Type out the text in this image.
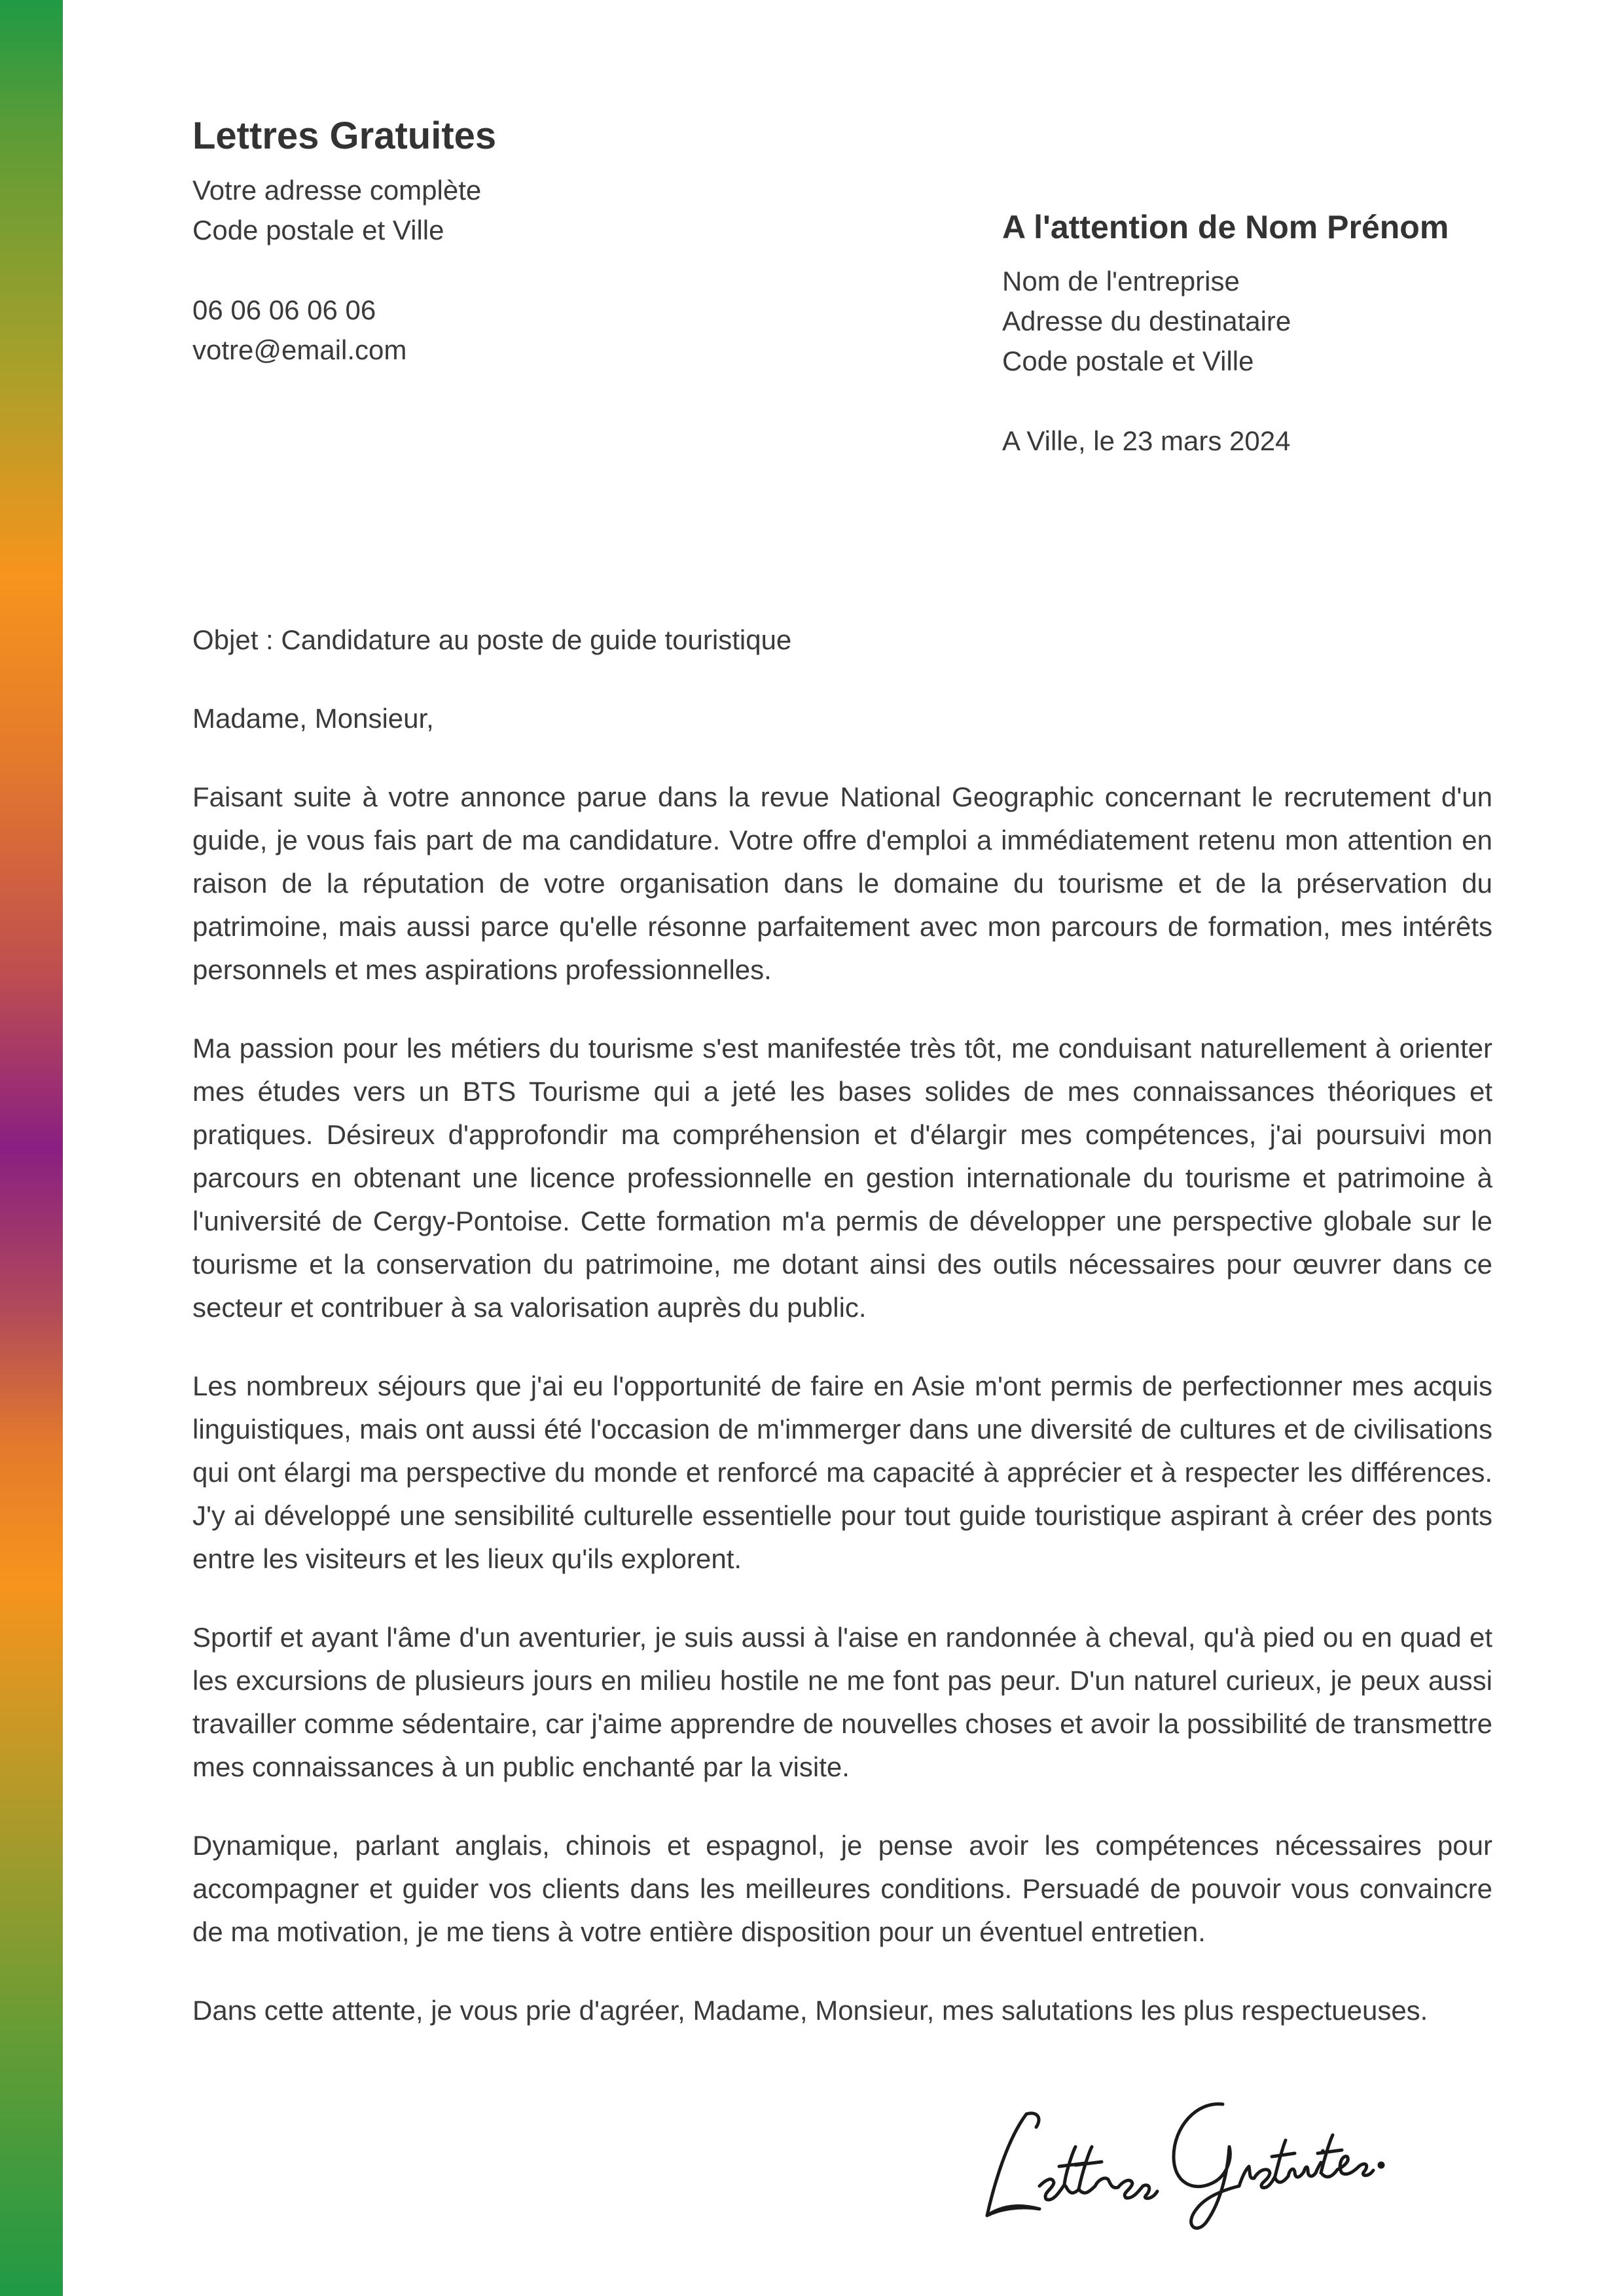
Lettres Gratuites

Votre adresse complète

Code postale et Ville

06 06 06 06 06

votre@email.com

A l'attention de Nom Prénom

Nom de l'entreprise

Adresse du destinataire

Code postale et Ville

A Ville, le 23 mars 2024

Objet : Candidature au poste de guide touristique

Madame, Monsieur,

Faisant suite à votre annonce parue dans la revue National Geographic concernant le recrutement d'un guide, je vous fais part de ma candidature. Votre offre d'emploi a immédiatement retenu mon attention en raison de la réputation de votre organisation dans le domaine du tourisme et de la préservation du patrimoine, mais aussi parce qu'elle résonne parfaitement avec mon parcours de formation, mes intérêts personnels et mes aspirations professionnelles.

Ma passion pour les métiers du tourisme s'est manifestée très tôt, me conduisant naturellement à orienter mes études vers un BTS Tourisme qui a jeté les bases solides de mes connaissances théoriques et pratiques. Désireux d'approfondir ma compréhension et d'élargir mes compétences, j'ai poursuivi mon parcours en obtenant une licence professionnelle en gestion internationale du tourisme et patrimoine à l'université de Cergy-Pontoise. Cette formation m'a permis de développer une perspective globale sur le tourisme et la conservation du patrimoine, me dotant ainsi des outils nécessaires pour œuvrer dans ce secteur et contribuer à sa valorisation auprès du public.

Les nombreux séjours que j'ai eu l'opportunité de faire en Asie m'ont permis de perfectionner mes acquis linguistiques, mais ont aussi été l'occasion de m'immerger dans une diversité de cultures et de civilisations qui ont élargi ma perspective du monde et renforcé ma capacité à apprécier et à respecter les différences. J'y ai développé une sensibilité culturelle essentielle pour tout guide touristique aspirant à créer des ponts entre les visiteurs et les lieux qu'ils explorent.

Sportif et ayant l'âme d'un aventurier, je suis aussi à l'aise en randonnée à cheval, qu'à pied ou en quad et les excursions de plusieurs jours en milieu hostile ne me font pas peur. D'un naturel curieux, je peux aussi travailler comme sédentaire, car j'aime apprendre de nouvelles choses et avoir la possibilité de transmettre mes connaissances à un public enchanté par la visite.

Dynamique, parlant anglais, chinois et espagnol, je pense avoir les compétences nécessaires pour accompagner et guider vos clients dans les meilleures conditions. Persuadé de pouvoir vous convaincre de ma motivation, je me tiens à votre entière disposition pour un éventuel entretien.

Dans cette attente, je vous prie d'agréer, Madame, Monsieur, mes salutations les plus respectueuses.
